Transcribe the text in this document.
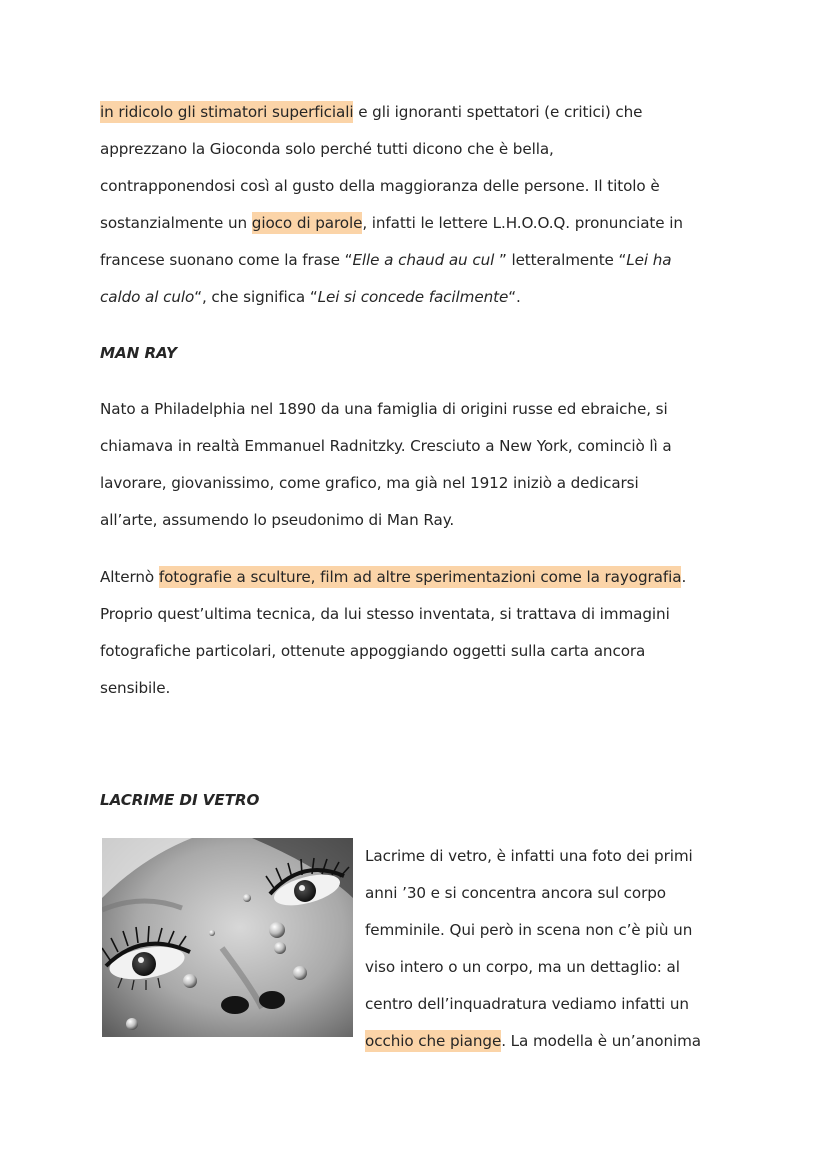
in ridicolo gli stimatori superficiali e gli ignoranti spettatori (e critici) che
apprezzano la Gioconda solo perché tutti dicono che è bella,
contrapponendosi così al gusto della maggioranza delle persone. Il titolo è
sostanzialmente un gioco di parole, infatti le lettere L.H.O.O.Q. pronunciate in
francese suonano come la frase “Elle a chaud au cul ” letteralmente “Lei ha
caldo al culo“, che significa “Lei si concede facilmente“.

MAN RAY

Nato a Philadelphia nel 1890 da una famiglia di origini russe ed ebraiche, si
chiamava in realtà Emmanuel Radnitzky. Cresciuto a New York, cominciò lì a
lavorare, giovanissimo, come grafico, ma già nel 1912 iniziò a dedicarsi
all’arte, assumendo lo pseudonimo di Man Ray.

Alternò fotografie a sculture, film ad altre sperimentazioni come la rayografia.
Proprio quest’ultima tecnica, da lui stesso inventata, si trattava di immagini
fotografiche particolari, ottenute appoggiando oggetti sulla carta ancora
sensibile.

LACRIME DI VETRO

Lacrime di vetro, è infatti una foto dei primi
anni ’30 e si concentra ancora sul corpo
femminile. Qui però in scena non c’è più un
viso intero o un corpo, ma un dettaglio: al
centro dell’inquadratura vediamo infatti un
occhio che piange. La modella è un’anonima
